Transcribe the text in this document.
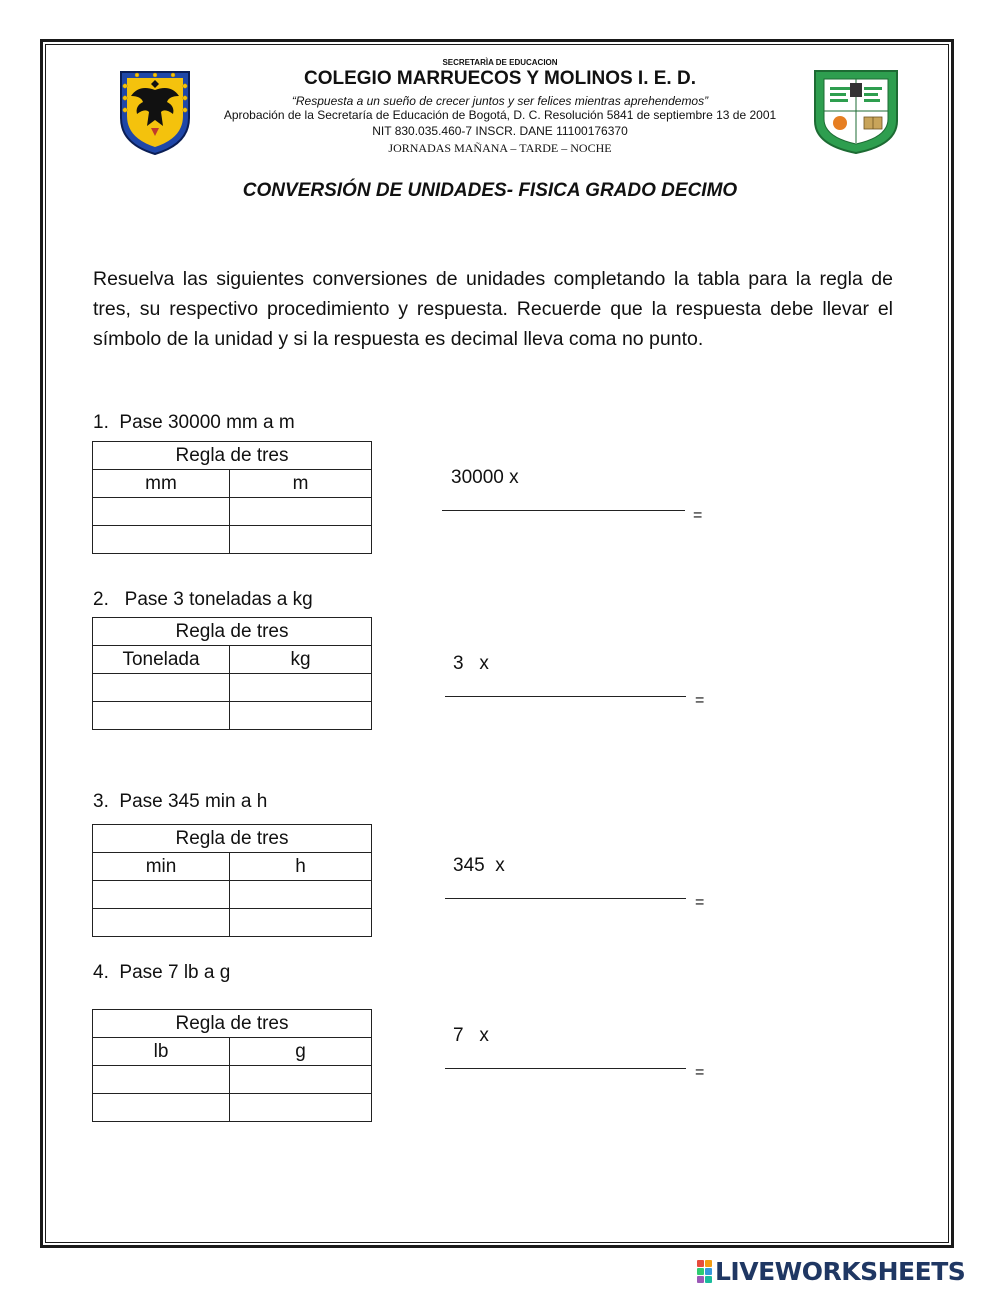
SECRETARÌA DE EDUCACION
COLEGIO MARRUECOS Y MOLINOS I. E. D.
“Respuesta a un sueño de crecer juntos y ser felices mientras aprehendemos”
Aprobación de la Secretaría de Educación de Bogotá, D. C. Resolución 5841 de septiembre 13 de 2001
NIT 830.035.460-7 INSCR. DANE 11100176370
JORNADAS MAÑANA – TARDE – NOCHE
CONVERSIÓN DE UNIDADES- FISICA GRADO DECIMO
Resuelva las siguientes conversiones de unidades completando la tabla para la regla de tres, su respectivo procedimiento y respuesta. Recuerde que la respuesta debe llevar el símbolo de la unidad y si la respuesta es decimal lleva coma no punto.
1.  Pase 30000 mm a m
Regla de tres	
mm	m

		30000 x
=
2.   Pase 3 toneladas a kg
Regla de tres	
Tonelada	kg

		3   x
=
3.  Pase 345 min a h
Regla de tres	
min	h

		345  x
=
4.  Pase 7 lb a g
Regla de tres	
lb	g

7   x
=
LIVEWORKSHEETS
